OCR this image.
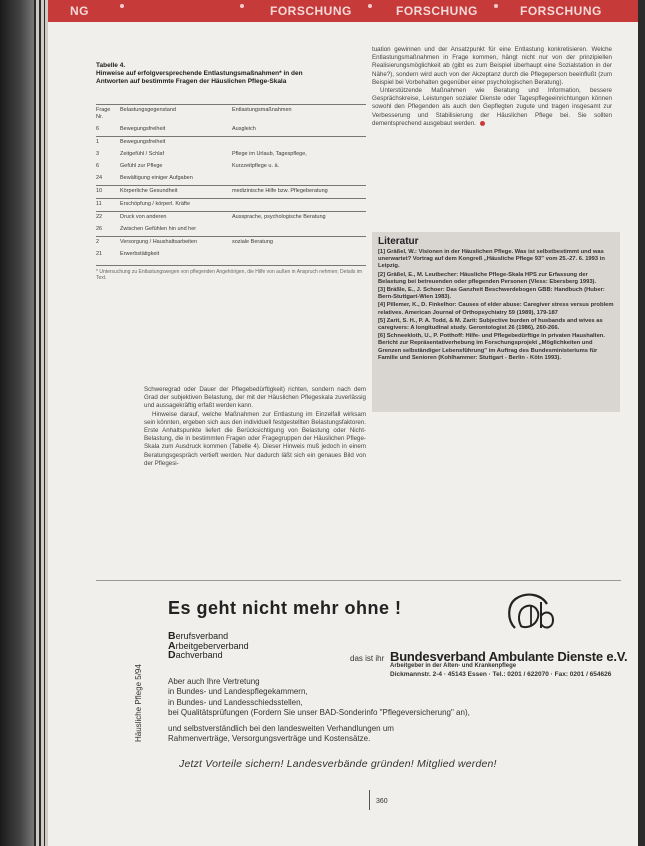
NG	FORSCHUNG	FORSCHUNG	FORSCHUNG
Tabelle 4.
Hinweise auf erfolgversprechende Entlastungsmaßnahmen* in den
Antworten auf bestimmte Fragen der Häuslichen Pflege-Skala
Frage
Nr.	Belastungsgegenstand	Entlastungsmaßnahmen
6	Bewegungsfreiheit	Ausgleich
1	Bewegungsfreiheit	
3	Zeitgefühl / Schlaf	Pflege im Urlaub, Tagespflege,
6	Gefühl zur Pflege	Kurzzeitpflege u. ä.
24	Bewältigung einiger Aufgaben	
10	Körperliche Gesundheit	medizinische Hilfe bzw. Pflegeberatung
11	Erschöpfung / körperl. Kräfte	
22	Druck von anderen	Aussprache, psychologische Beratung
26	Zwischen Gefühlen hin und her	
2	Versorgung / Haushaltsarbeiten	soziale Beratung
21	Erwerbstätigkeit	
* Untersuchung zu Entlastungswegen von pflegenden Angehörigen, die Hilfe von außen in Anspruch nehmen; Details im Text.

Schweregrad oder Dauer der Pflegebedürftigkeit) richten, sondern nach dem Grad der subjektiven Belastung, der mit der Häuslichen Pflegeskala zuverlässig und aussagekräftig erfaßt werden kann.

Hinweise darauf, welche Maßnahmen zur Entlastung im Einzelfall wirksam sein könnten, ergeben sich aus den individuell festgestellten Belastungsfaktoren. Erste Anhaltspunkte liefert die Berücksichtigung von Belastung oder Nicht-Belastung, die in bestimmten Fragen oder Fragegruppen der Häuslichen Pflege-Skala zum Ausdruck kommen (Tabelle 4). Dieser Hinweis muß jedoch in einem Beratungsgespräch vertieft werden. Nur dadurch läßt sich ein genaues Bild von der Pflegesi-

tuation gewinnen und der Ansatzpunkt für eine Entlastung konkretisieren. Welche Entlastungsmaßnahmen in Frage kommen, hängt nicht nur von der prinzipiellen Realisierungsmöglichkeit ab (gibt es zum Beispiel überhaupt eine Sozialstation in der Nähe?), sondern wird auch von der Akzeptanz durch die Pflegeperson beeinflußt (zum Beispiel bei Vorbehalten gegenüber einer psychologischen Beratung).

Unterstützende Maßnahmen wie Beratung und Information, bessere Gesprächskreise, Leistungen sozialer Dienste oder Tagespflegeeinrichtungen können sowohl den Pflegenden als auch den Gepflegten zugute und tragen insgesamt zur Verbesserung und Stabilisierung der Häuslichen Pflege bei. Sie sollten dementsprechend ausgebaut werden.

Literatur
[1] Gräßel, W.: Visionen in der Häuslichen Pflege. Was ist selbstbestimmt und was unerwartet? Vortrag auf dem Kongreß „Häusliche Pflege 93" vom 25.-27. 6. 1993 in Leipzig.
[2] Gräßel, E., M. Leutbecher: Häusliche Pflege-Skala HPS zur Erfassung der Belastung bei betreuenden oder pflegenden Personen (Vless: Ebersberg 1993).
[3] Bräßle, E., J. Schoer: Das Ganzheit Beschwerdebogen GBB: Handbuch (Huber: Bern-Stuttgart-Wien 1983).
[4] Pillemer, K., D. Finkelhor: Causes of elder abuse: Caregiver stress versus problem relatives. American Journal of Orthopsychiatry 59 (1989), 179-187
[5] Zarit, S. H., P. A. Todd, & M. Zarit: Subjective burden of husbands and wives as caregivers: A longitudinal study. Gerontologist 26 (1986), 260-266.
[6] Schneekloth, U., P. Potthoff: Hilfe- und Pflegebedürftige in privaten Haushalten. Bericht zur Repräsentativerhebung im Forschungsprojekt „Möglichkeiten und Grenzen selbständiger Lebensführung" im Auftrag des Bundesministeriums für Familie und Senioren (Kohlhammer: Stuttgart - Berlin - Köln 1993).
Es geht nicht mehr ohne !
Berufsverband
Arbeitgeberverband
Dachverband	das ist ihr Bundesverband Ambulante Dienste e.V.
Arbeitgeber in der Alten- und Krankenpflege
Dickmannstr. 2-4 · 45143 Essen · Tel.: 0201 / 622070 · Fax: 0201 / 654626
Aber auch Ihre Vertretung
in Bundes- und Landespflegekammern,
in Bundes- und Landesschiedsstellen,
bei Qualitätsprüfungen (Fordern Sie unser BAD-Sonderinfo "Pflegeversicherung" an),
und selbstverständlich bei den landesweiten Verhandlungen um
Rahmenverträge, Versorgungsverträge und Kostensätze.
Jetzt Vorteile sichern! Landesverbände gründen! Mitglied werden!
Häusliche Pflege 5/94
360
